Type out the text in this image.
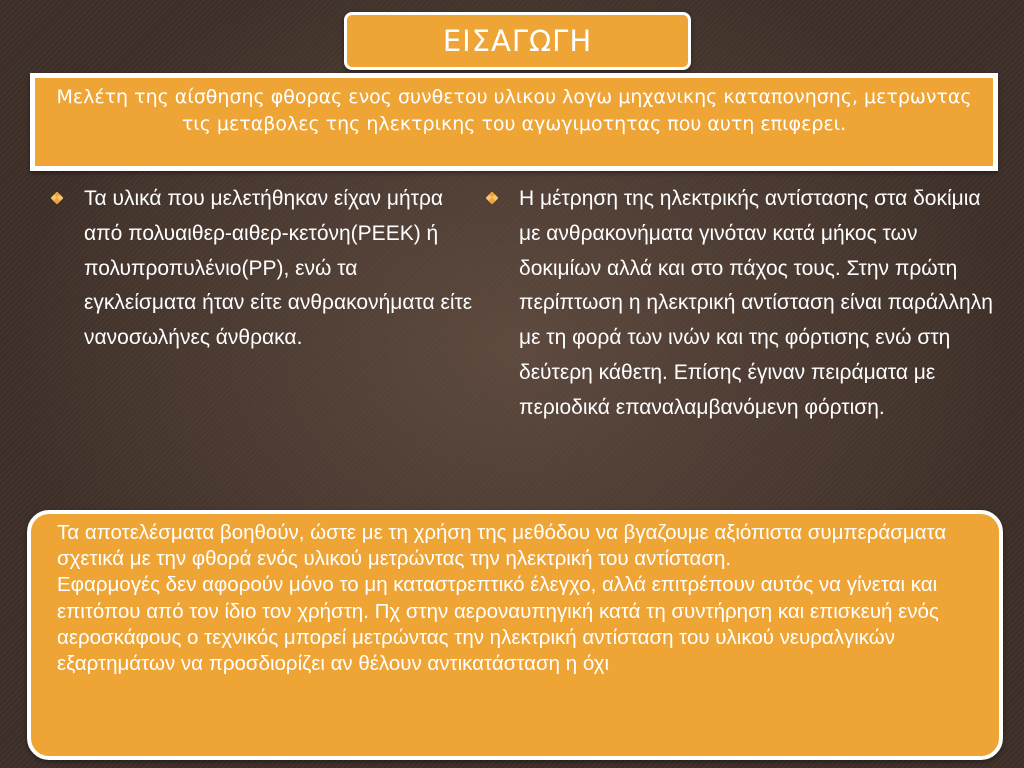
ΕΙΣΑΓΩΓΗ
Μελέτη της αίσθησης φθορας ενος συνθετου υλικου λογω μηχανικης καταπονησης, μετρωντας τις μεταβολες της ηλεκτρικης του αγωγιμοτητας που αυτη επιφερει.
Τα υλικά που μελετήθηκαν είχαν μήτρα από πολυαιθερ-αιθερ-κετόνη(PEEK) ή πολυπροπυλένιο(PP), ενώ τα εγκλείσματα ήταν είτε ανθρακονήματα είτε νανοσωλήνες άνθρακα.
Η μέτρηση της ηλεκτρικής αντίστασης στα δοκίμια με ανθρακονήματα γινόταν κατά μήκος των δοκιμίων αλλά και στο πάχος τους. Στην πρώτη περίπτωση η ηλεκτρική αντίσταση είναι παράλληλη με τη φορά των ινών και της φόρτισης ενώ στη δεύτερη κάθετη. Επίσης έγιναν πειράματα με περιοδικά επαναλαμβανόμενη φόρτιση.

Τα αποτελέσματα βοηθούν, ώστε με τη χρήση της μεθόδου να βγαζουμε αξιόπιστα συμπεράσματα σχετικά με την φθορά ενός υλικού μετρώντας την ηλεκτρική του αντίσταση.

Εφαρμογές δεν αφορούν μόνο το μη καταστρεπτικό έλεγχο, αλλά επιτρέπουν αυτός να γίνεται και επιτόπου από τον ίδιο τον χρήστη. Πχ στην αεροναυπηγική κατά τη συντήρηση και επισκευή ενός αεροσκάφους ο τεχνικός μπορεί μετρώντας την ηλεκτρική αντίσταση του υλικού νευραλγικών εξαρτημάτων να προσδιορίζει αν θέλουν αντικατάσταση η όχι
